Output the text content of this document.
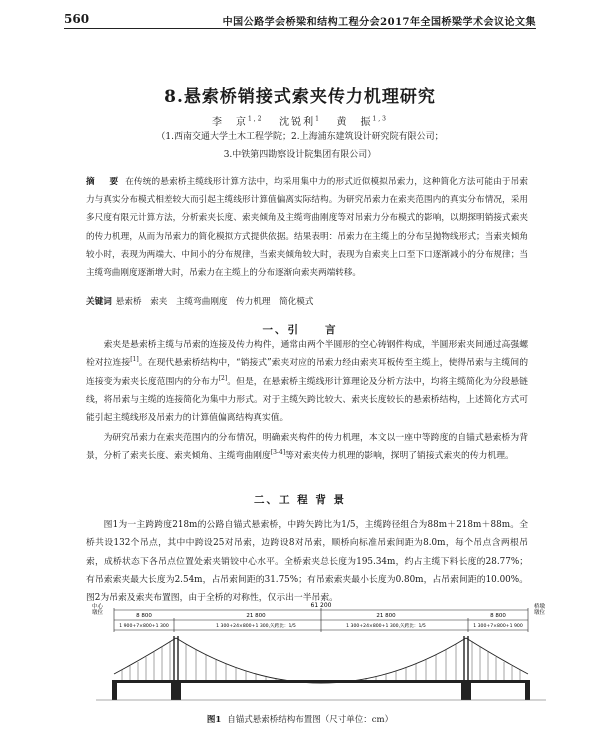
560	中国公路学会桥梁和结构工程分会2017年全国桥梁学术会议论文集
8.悬索桥销接式索夹传力机理研究
李　京$^{1,2}$ 沈锐利$^1$ 黄　振$^{1,3}$
（1.西南交通大学土木工程学院；2.上海浦东建筑设计研究院有限公司；
3.中铁第四勘察设计院集团有限公司）
摘　要 在传统的悬索桥主缆线形计算方法中，均采用集中力的形式近似模拟吊索力，这种简化方法可能由于吊索力与真实分布模式相差较大而引起主缆线形计算值偏离实际结构。为研究吊索力在索夹范围内的真实分布情况，采用多尺度有限元计算方法，分析索夹长度、索夹倾角及主缆弯曲刚度等对吊索力分布模式的影响，以期探明销接式索夹的传力机理，从而为吊索力的简化模拟方式提供依据。结果表明：吊索力在主缆上的分布呈抛物线形式；当索夹倾角较小时，表现为两端大、中间小的分布规律，当索夹倾角较大时，表现为自索夹上口至下口逐渐减小的分布规律；当主缆弯曲刚度逐渐增大时，吊索力在主缆上的分布逐渐向索夹两端转移。
关键词 悬索桥　索夹　主缆弯曲刚度　传力机理　简化模式
一、引　　言
索夹是悬索桥主缆与吊索的连接及传力构件，通常由两个半圆形的空心铸钢件构成，半圆形索夹间通过高强螺栓对拉连接[1]。在现代悬索桥结构中，“销接式”索夹对应的吊索力经由索夹耳板传至主缆上，使得吊索与主缆间的连接变为索夹长度范围内的分布力[2]。但是，在悬索桥主缆线形计算理论及分析方法中，均将主缆简化为分段悬链线，将吊索与主缆的连接简化为集中力形式。对于主缆矢跨比较大、索夹长度较长的悬索桥结构，上述简化方式可能引起主缆线形及吊索力的计算值偏离结构真实值。
为研究吊索力在索夹范围内的分布情况，明确索夹构件的传力机理，本文以一座中等跨度的自锚式悬索桥为背景，分析了索夹长度、索夹倾角、主缆弯曲刚度[3-4]等对索夹传力机理的影响，探明了销接式索夹的传力机理。
二、工 程 背 景
图1为一主跨跨度218m的公路自锚式悬索桥，中跨矢跨比为1/5，主缆跨径组合为88m＋218m＋88m。全桥共设132个吊点，其中中跨设25对吊索，边跨设8对吊索，顺桥向标准吊索间距为8.0m，每个吊点含两根吊索，成桥状态下各吊点位置处索夹销铰中心水平。全桥索夹总长度为195.34m，约占主缆下料长度的28.77%；有吊索索夹最大长度为2.54m，占吊索间距的31.75%；有吊索索夹最小长度为0.80m，占吊索间距的10.00%。图2为吊索及索夹布置图，由于全桥的对称性，仅示出一半吊索。
中心
墩位
桥墩
墩位
61 200
8 800	21 800	21 800	8 800
1 900+7×800+1 300	1 300+24×800+1 300,矢跨比：1/5	1 300+24×800+1 300,矢跨比：1/5	1 300+7×800+1 900
图1 自锚式悬索桥结构布置图（尺寸单位：cm）
